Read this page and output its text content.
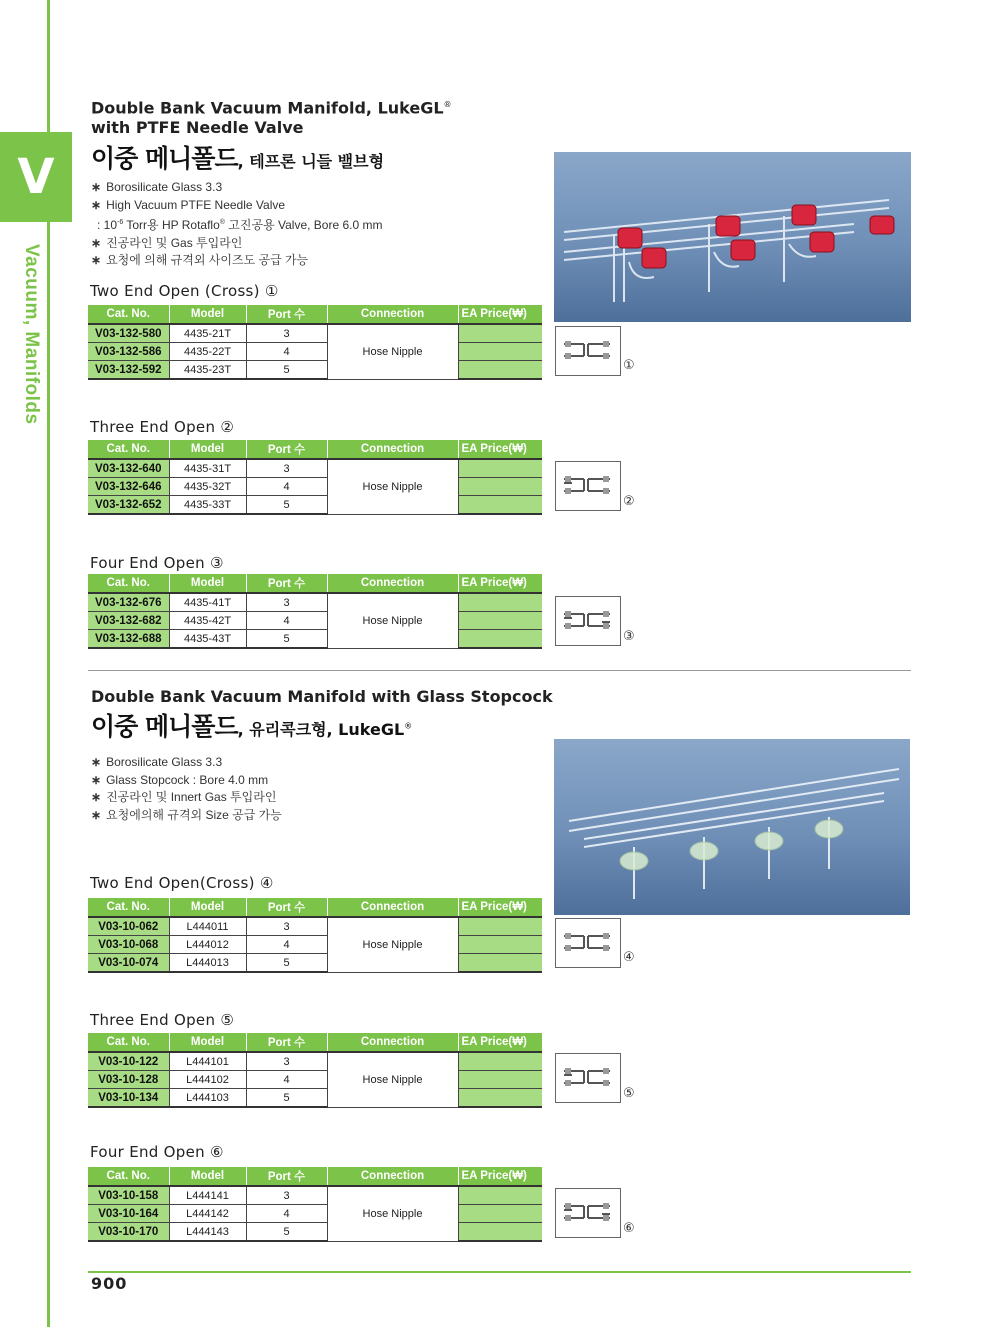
V
Vacuum, Manifolds
Double Bank Vacuum Manifold, LukeGL®
with PTFE Needle Valve
이중 메니폴드, 테프론 니들 밸브형
∗ Borosilicate Glass 3.3
∗ High Vacuum PTFE Needle Valve
: $10^{-6}$ Torr용 HP Rotaflo® 고진공용 Valve, Bore 6.0 mm
∗ 진공라인 및 Gas 투입라인
∗ 요청에 의해 규격외 사이즈도 공급 가능
Double Bank Vacuum Manifold with Glass Stopcock
이중 메니폴드, 유리콕크형, LukeGL®
∗ Borosilicate Glass 3.3
∗ Glass Stopcock : Bore 4.0 mm
∗ 진공라인 및 Innert Gas 투입라인
∗ 요청에의해 규격외 Size 공급 가능
Two End Open (Cross) ①
Cat. No.	Model	Port 수	Connection	EA Price(₩)
V03-132-580	4435-21T	3	Hose Nipple	
V03-132-586	4435-22T	4		
V03-132-592	4435-23T	5			①
Three End Open ②
Cat. No.	Model	Port 수	Connection	EA Price(₩)
V03-132-640	4435-31T	3	Hose Nipple	
V03-132-646	4435-32T	4		
V03-132-652	4435-33T	5			②
Four End Open ③
Cat. No.	Model	Port 수	Connection	EA Price(₩)
V03-132-676	4435-41T	3	Hose Nipple	
V03-132-682	4435-42T	4		
V03-132-688	4435-43T	5			③
Two End Open(Cross) ④
Cat. No.	Model	Port 수	Connection	EA Price(₩)
V03-10-062	L444011	3	Hose Nipple	
V03-10-068	L444012	4		
V03-10-074	L444013	5			④
Three End Open ⑤
Cat. No.	Model	Port 수	Connection	EA Price(₩)
V03-10-122	L444101	3	Hose Nipple	
V03-10-128	L444102	4		
V03-10-134	L444103	5			⑤
Four End Open ⑥
Cat. No.	Model	Port 수	Connection	EA Price(₩)
V03-10-158	L444141	3	Hose Nipple	
V03-10-164	L444142	4		
V03-10-170	L444143	5			⑥
900
